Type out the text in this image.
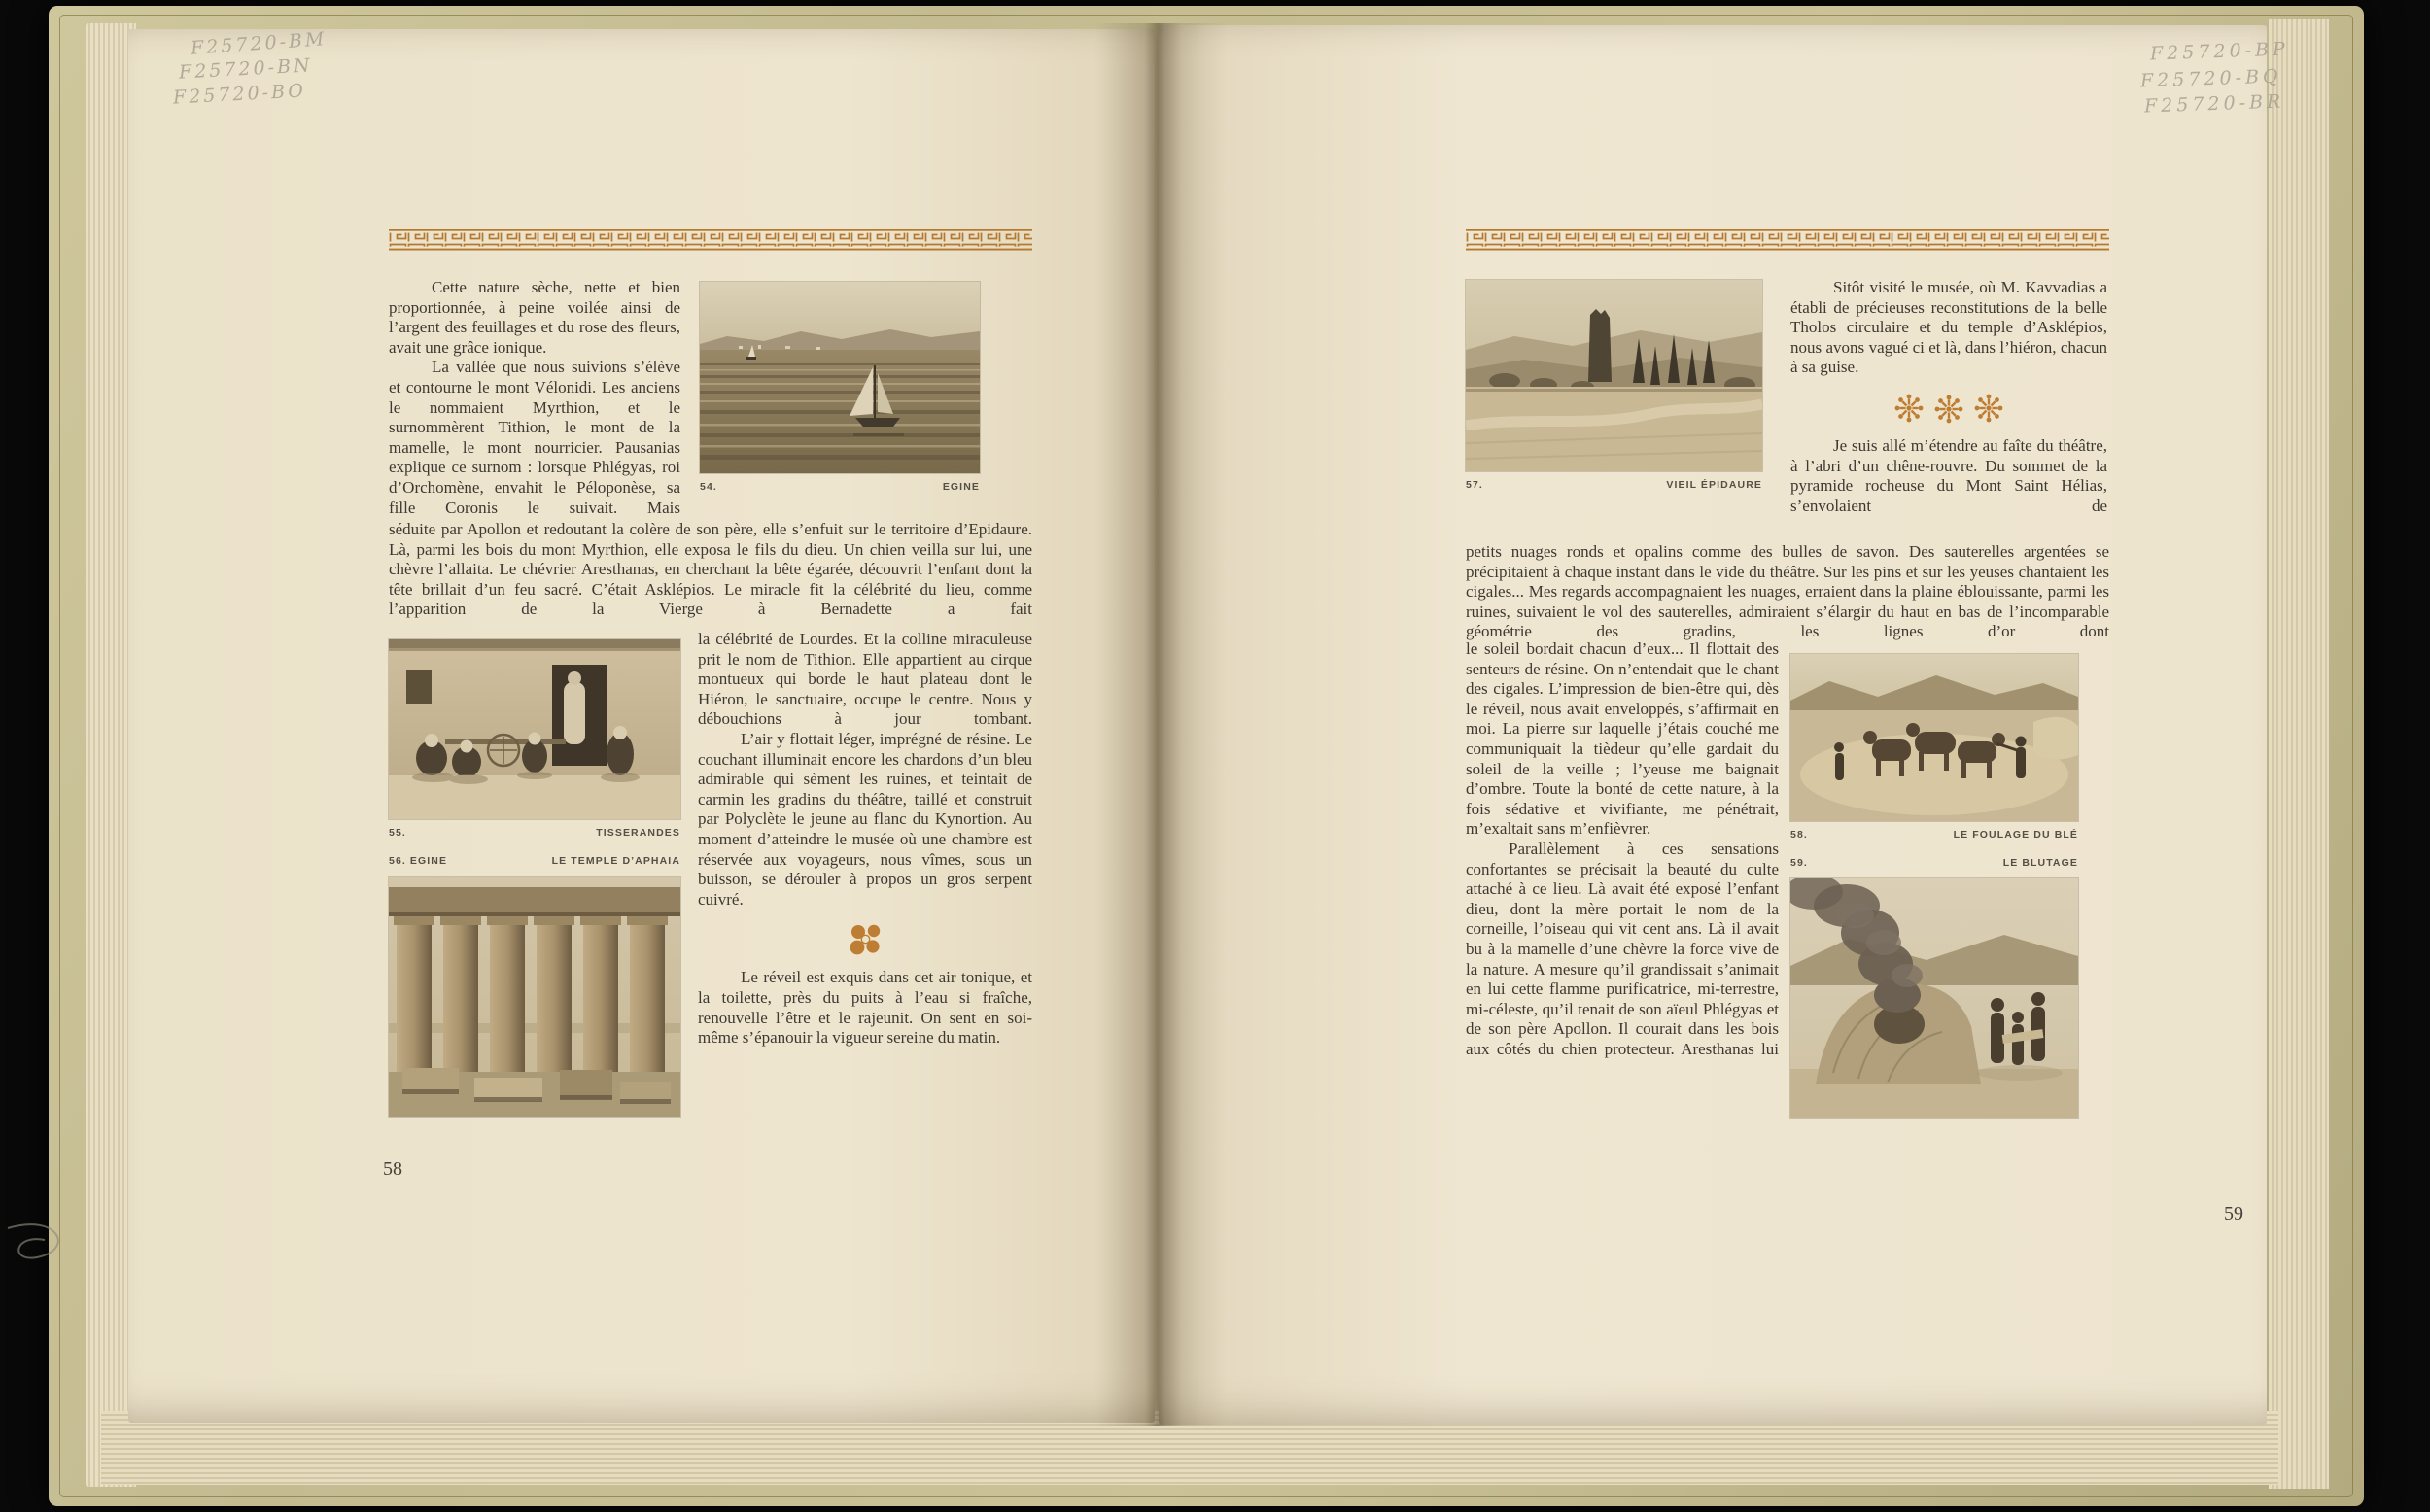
F25720-BM
F25720-BN
F25720-BO

Cette nature sèche, nette et bien proportionnée, à peine voilée ainsi de l’argent des feuillages et du rose des fleurs, avait une grâce ionique.

La vallée que nous suivions s’élève et contourne le mont Vélonidi. Les anciens le nommaient Myrthion, et le surnommèrent Tithion, le mont de la mamelle, le mont nourricier. Pausanias explique ce surnom : lorsque Phlégyas, roi d’Orchomène, envahit le Péloponèse, sa fille Coronis le suivait. Mais

54.	EGINE

séduite par Apollon et redoutant la colère de son père, elle s’enfuit sur le territoire d’Epidaure. Là, parmi les bois du mont Myrthion, elle exposa le fils du dieu. Un chien veilla sur lui, une chèvre l’allaita. Le chévrier Aresthanas, en cherchant la bête égarée, découvrit l’enfant dont la tête brillait d’un feu sacré. C’était Asklépios. Le miracle fit la célébrité du lieu, comme l’apparition de la Vierge à Bernadette a fait

55.	TISSERANDES

la célébrité de Lourdes. Et la colline miraculeuse prit le nom de Tithion. Elle appartient au cirque montueux qui borde le haut plateau dont le Hiéron, le sanctuaire, occupe le centre. Nous y débouchions à jour tombant.

L’air y flottait léger, imprégné de résine. Le couchant illuminait encore les chardons d’un bleu admirable qui sèment les ruines, et teintait de carmin les gradins du théâtre, taillé et construit par Polyclète le jeune au flanc du Kynortion. Au moment d’atteindre le musée où une chambre est réservée aux voyageurs, nous vîmes, sous un buisson, se dérouler à propos un gros serpent cuivré.

Le réveil est exquis dans cet air tonique, et la toilette, près du puits à l’eau si fraîche, renouvelle l’être et le rajeunit. On sent en soi-même s’épanouir la vigueur sereine du matin.

56. EGINE	LE TEMPLE D’APHAIA
58
F25720-BP
F25720-BQ
F25720-BR
57.	VIEIL ÉPIDAURE

Sitôt visité le musée, où M. Kavvadias a établi de précieuses reconstitutions de la belle Tholos circulaire et du temple d’Asklépios, nous avons vagué ci et là, dans l’hiéron, chacun à sa guise.

Je suis allé m’étendre au faîte du théâtre, à l’abri d’un chêne-rouvre. Du sommet de la pyramide rocheuse du Mont Saint Hélias, s’envolaient de

petits nuages ronds et opalins comme des bulles de savon. Des sauterelles argentées se précipitaient à chaque instant dans le vide du théâtre. Sur les pins et sur les yeuses chantaient les cigales... Mes regards accompagnaient les nuages, erraient dans la plaine éblouissante, parmi les ruines, suivaient le vol des sauterelles, admiraient s’élargir du haut en bas de l’incomparable géométrie des gradins, les lignes d’or dont

le soleil bordait chacun d’eux... Il flottait des senteurs de résine. On n’entendait que le chant des cigales. L’impression de bien-être qui, dès le réveil, nous avait enveloppés, s’affirmait en moi. La pierre sur laquelle j’étais couché me communiquait la tièdeur qu’elle gardait du soleil de la veille ; l’yeuse me baignait d’ombre. Toute la bonté de cette nature, à la fois sédative et vivifiante, me pénétrait, m’exaltait sans m’enfièvrer.

Parallèlement à ces sensations confortantes se précisait la beauté du culte attaché à ce lieu. Là avait été exposé l’enfant dieu, dont la mère portait le nom de la corneille, l’oiseau qui vit cent ans. Là il avait bu à la mamelle d’une chèvre la force vive de la nature. A mesure qu’il grandissait s’animait en lui cette flamme purificatrice, mi-terrestre, mi-céleste, qu’il tenait de son aïeul Phlégyas et de son père Apollon. Il courait dans les bois aux côtés du chien protecteur. Aresthanas lui

58.	LE FOULAGE DU BLÉ
59.	LE BLUTAGE
59
